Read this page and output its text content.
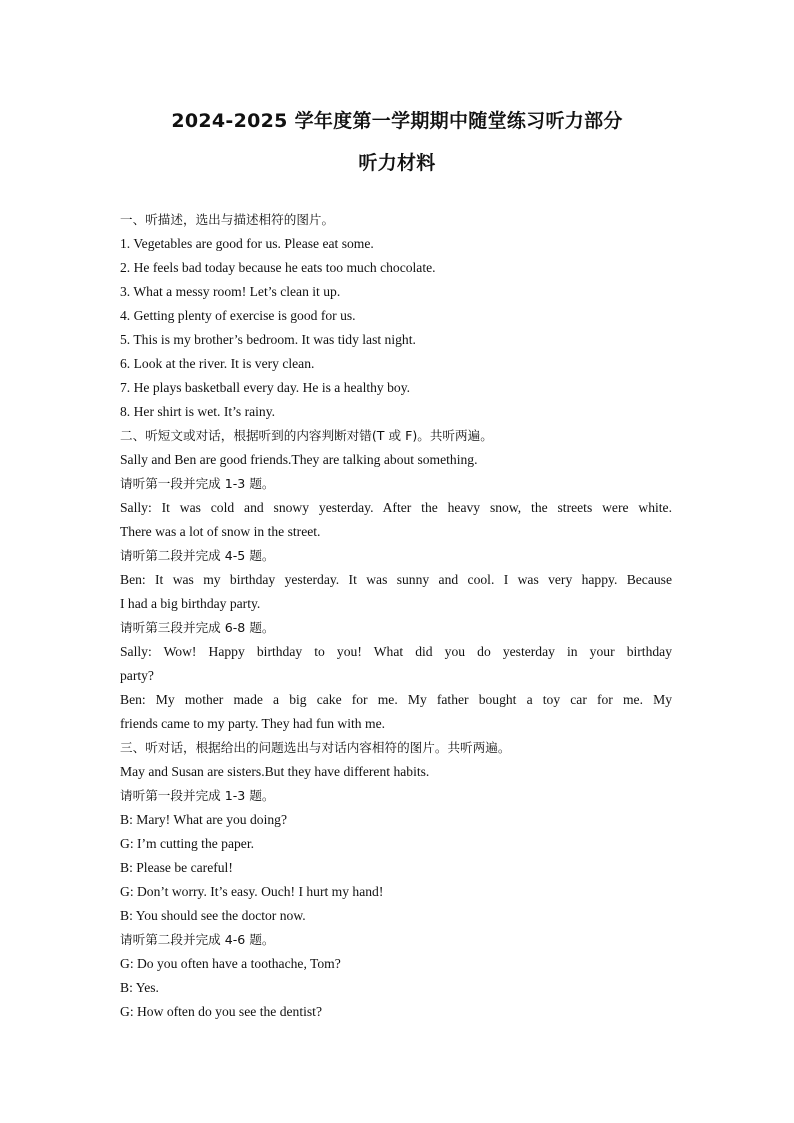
2024-2025 学年度第一学期期中随堂练习听力部分
听力材料
一、听描述，选出与描述相符的图片。
1. Vegetables are good for us. Please eat some.
2. He feels bad today because he eats too much chocolate.
3. What a messy room! Let’s clean it up.
4. Getting plenty of exercise is good for us.
5. This is my brother’s bedroom. It was tidy last night.
6. Look at the river. It is very clean.
7. He plays basketball every day. He is a healthy boy.
8. Her shirt is wet. It’s rainy.
二、听短文或对话，根据听到的内容判断对错(T 或 F)。共听两遍。
Sally and Ben are good friends.They are talking about something.
请听第一段并完成 1-3 题。
Sally: It was cold and snowy yesterday. After the heavy snow, the streets were white.
There was a lot of snow in the street.
请听第二段并完成 4-5 题。
Ben: It was my birthday yesterday. It was sunny and cool. I was very happy. Because
I had a big birthday party.
请听第三段并完成 6-8 题。
Sally: Wow! Happy birthday to you! What did you do yesterday in your birthday
party?
Ben: My mother made a big cake for me. My father bought a toy car for me. My
friends came to my party. They had fun with me.
三、听对话，根据给出的问题选出与对话内容相符的图片。共听两遍。
May and Susan are sisters.But they have different habits.
请听第一段并完成 1-3 题。
B: Mary! What are you doing?
G: I’m cutting the paper.
B: Please be careful!
G: Don’t worry. It’s easy. Ouch! I hurt my hand!
B: You should see the doctor now.
请听第二段并完成 4-6 题。
G: Do you often have a toothache, Tom?
B: Yes.
G: How often do you see the dentist?
